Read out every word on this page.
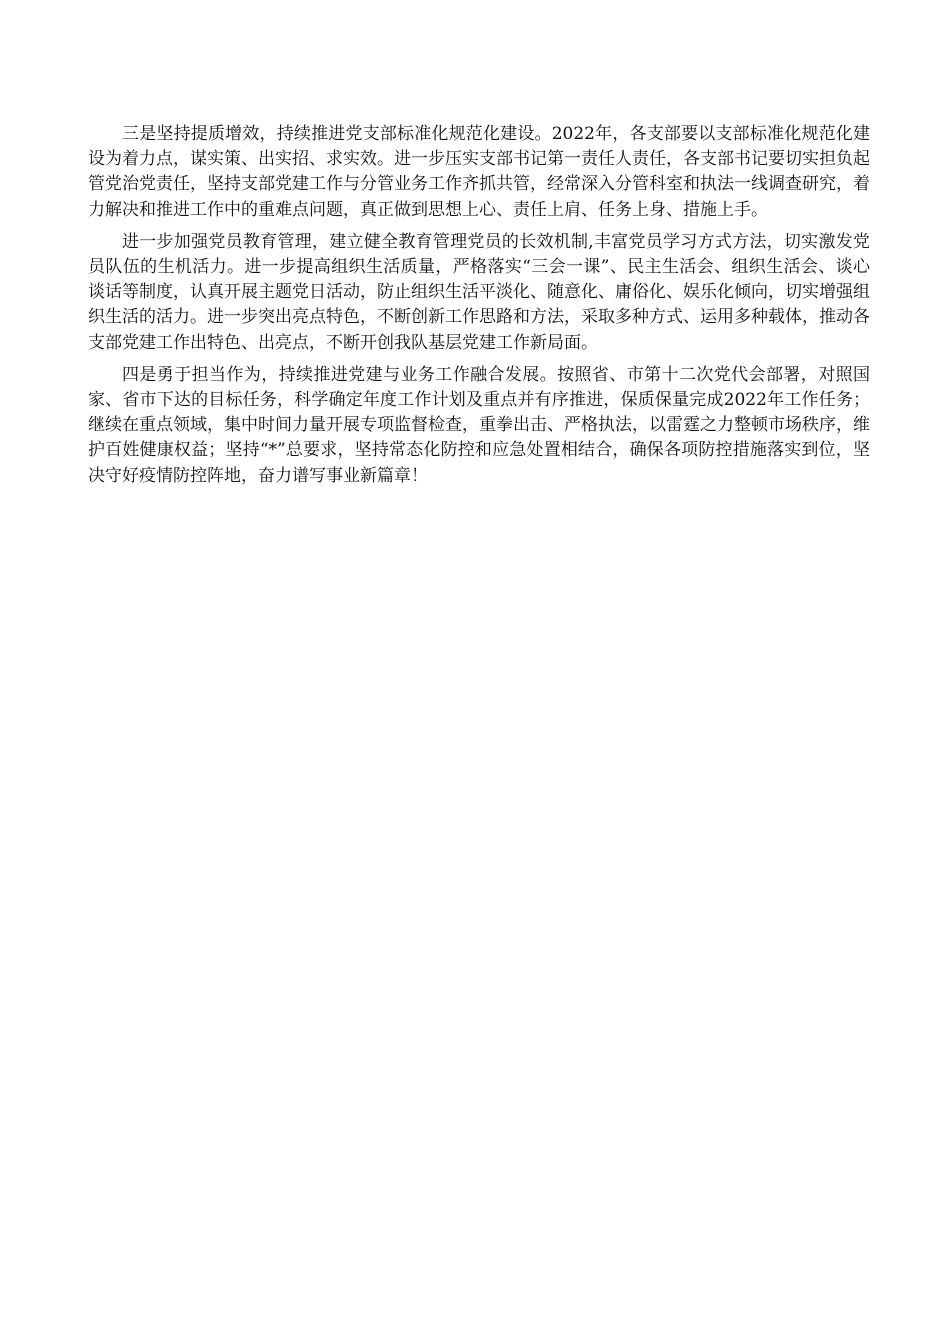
三是坚持提质增效，持续推进党支部标准化规范化建设。2022年，各支部要以支部标准化规范化建设为着力点，谋实策、出实招、求实效。进一步压实支部书记第一责任人责任，各支部书记要切实担负起管党治党责任，坚持支部党建工作与分管业务工作齐抓共管，经常深入分管科室和执法一线调查研究，着力解决和推进工作中的重难点问题，真正做到思想上心、责任上肩、任务上身、措施上手。

进一步加强党员教育管理，建立健全教育管理党员的长效机制,丰富党员学习方式方法，切实激发党员队伍的生机活力。进一步提高组织生活质量，严格落实“三会一课”、民主生活会、组织生活会、谈心谈话等制度，认真开展主题党日活动，防止组织生活平淡化、随意化、庸俗化、娱乐化倾向，切实增强组织生活的活力。进一步突出亮点特色，不断创新工作思路和方法，采取多种方式、运用多种载体，推动各支部党建工作出特色、出亮点，不断开创我队基层党建工作新局面。

四是勇于担当作为，持续推进党建与业务工作融合发展。按照省、市第十二次党代会部署，对照国家、省市下达的目标任务，科学确定年度工作计划及重点并有序推进，保质保量完成2022年工作任务；继续在重点领域，集中时间力量开展专项监督检查，重拳出击、严格执法，以雷霆之力整顿市场秩序，维护百姓健康权益；坚持“*”总要求，坚持常态化防控和应急处置相结合，确保各项防控措施落实到位，坚决守好疫情防控阵地，奋力谱写事业新篇章！
